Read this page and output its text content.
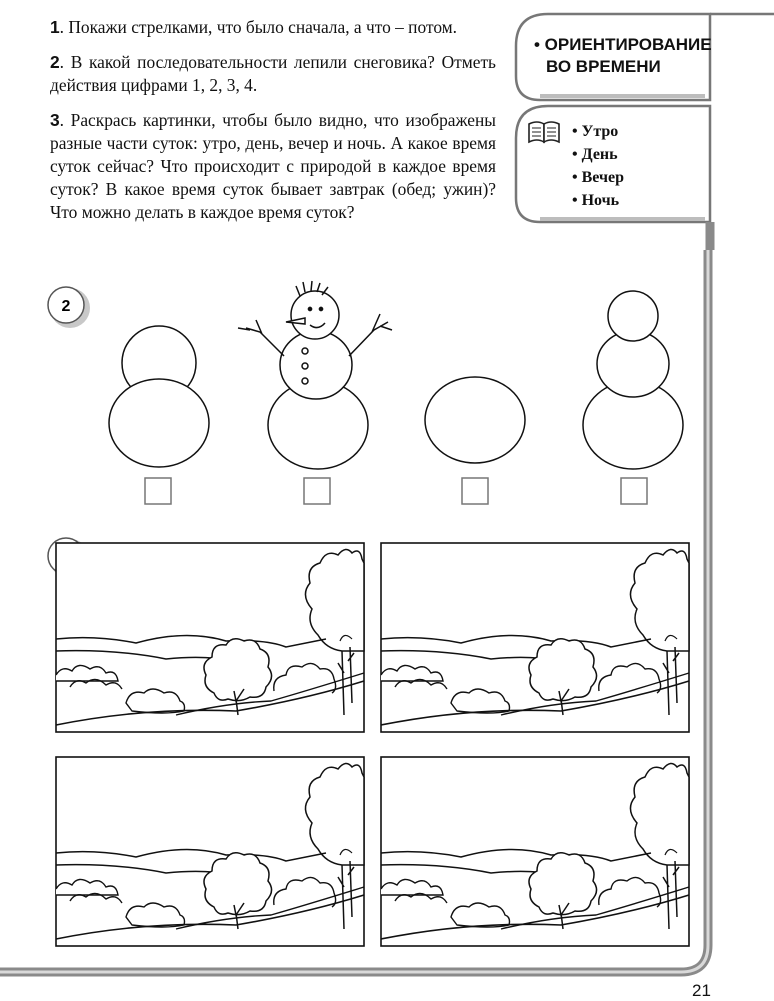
1. Покажи стрелками, что было сначала, а что – потом.

2. В какой последовательности лепили снеговика? Отметь действия цифрами 1, 2, 3, 4.

3. Раскрась картинки, чтобы было видно, что изображены разные части суток: утро, день, вечер и ночь. А какое время суток сейчас? Что происходит с природой в каждое время суток? В какое время суток бывает завтрак (обед; ужин)? Что можно делать в каждое время суток?

• ОРИЕНТИРОВАНИЕ
ВО ВРЕМЕНИ
• Утро
• День
• Вечер
• Ночь
2
21
